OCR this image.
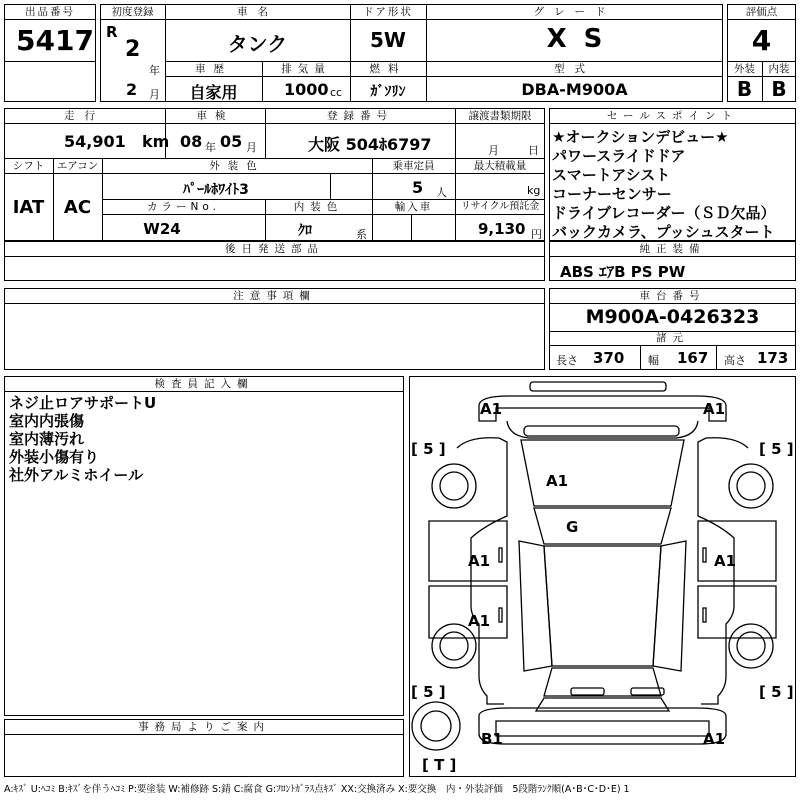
出品番号
5417
初度登録
R
2
年
2 月
車名
タンク
ドア形状
5W
グレード
X S
車歴
自家用
排気量
1000 cc
燃料
ｶﾞｿﾘﾝ
型式
DBA-M900A
評価点
4
外装	内装
B B
走行
54,901 km
車検
08 年 05 月
登録番号
大阪 504ﾎ6797
譲渡書類期限
月	日
シフト
IAT
エアコン
AC
外装色
ﾊﾟｰﾙﾎﾜｲﾄ3
乗車定員
5 人
最大積載量
kg
カラーNo.
W24
内装色
ｸﾛ	系
輸入車	リサイクル預託金
9,130 円
後日発送部品
セールスポイント
★オークションデビュー★
パワースライドドア
スマートアシスト
コーナーセンサー
ドライブレコーダー（ＳＤ欠品）
バックカメラ、プッシュスタート
純正装備
ABS ｴｱB PS PW
注意事項欄	車台番号
M900A-0426323
諸元
長さ 370 幅 167 高さ 173
検査員記入欄
ネジ止ロアサポートU
室内内張傷
室内薄汚れ
外装小傷有り
社外アルミホイール
事務局よりご案内
A1	A1
A1
G
A1	A1
A1
B1	A1
[ 5 ]	[ 5 ]
[ 5 ]	[ 5 ]
[ T ]
A:ｷｽﾞ U:ﾍｺﾐ B:ｷｽﾞを伴うﾍｺﾐ P:要塗装 W:補修跡 S:錆 C:腐食 G:ﾌﾛﾝﾄｶﾞﾗｽ点ｷｽﾞ XX:交換済み X:要交換　内・外装評価　5段階ﾗﾝｸ順(A･B･C･D･E) 1
